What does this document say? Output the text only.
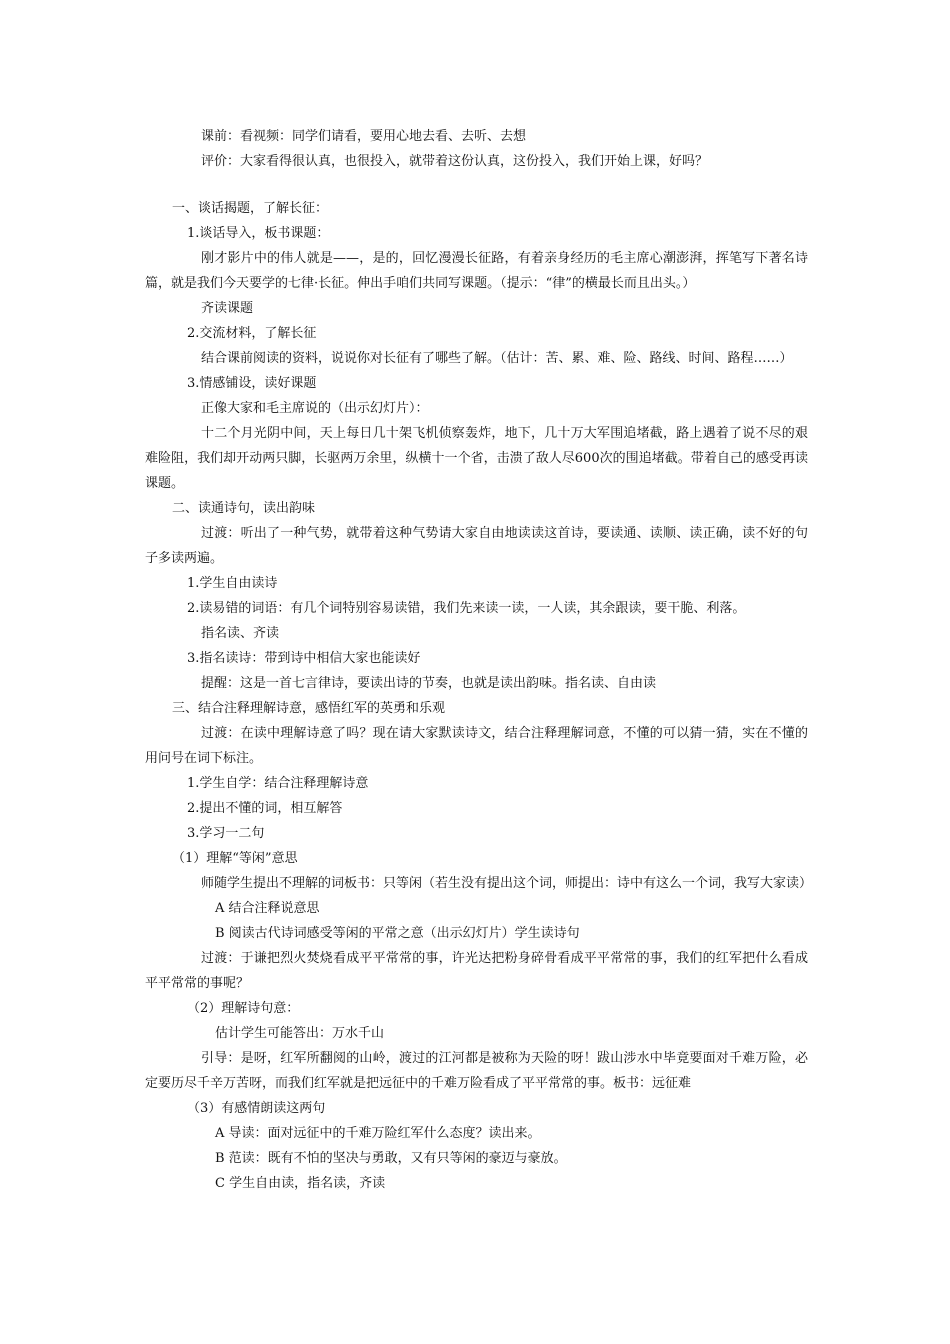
课前：看视频：同学们请看，要用心地去看、去听、去想

评价：大家看得很认真，也很投入，就带着这份认真，这份投入，我们开始上课，好吗？

一、谈话揭题，了解长征：

1.谈话导入，板书课题：

刚才影片中的伟人就是——，是的，回忆漫漫长征路，有着亲身经历的毛主席心潮澎湃，挥笔写下著名诗篇，就是我们今天要学的七律·长征。伸出手咱们共同写课题。（提示：“律”的横最长而且出头。）

齐读课题

2.交流材料，了解长征

结合课前阅读的资料，说说你对长征有了哪些了解。（估计：苦、累、难、险、路线、时间、路程……）

3.情感铺设，读好课题

正像大家和毛主席说的（出示幻灯片）：

十二个月光阴中间，天上每日几十架飞机侦察轰炸，地下，几十万大军围追堵截，路上遇着了说不尽的艰难险阻，我们却开动两只脚，长驱两万余里，纵横十一个省，击溃了敌人尽600次的围追堵截。带着自己的感受再读课题。

二、读通诗句，读出韵味

过渡：听出了一种气势，就带着这种气势请大家自由地读读这首诗，要读通、读顺、读正确，读不好的句子多读两遍。

1.学生自由读诗

2.读易错的词语：有几个词特别容易读错，我们先来读一读，一人读，其余跟读，要干脆、利落。

指名读、齐读

3.指名读诗：带到诗中相信大家也能读好

提醒：这是一首七言律诗，要读出诗的节奏，也就是读出韵味。指名读、自由读

三、结合注释理解诗意，感悟红军的英勇和乐观

过渡：在读中理解诗意了吗？现在请大家默读诗文，结合注释理解词意，不懂的可以猜一猜，实在不懂的用问号在词下标注。

1.学生自学：结合注释理解诗意

2.提出不懂的词，相互解答

3.学习一二句

（1）理解“等闲”意思

师随学生提出不理解的词板书：只等闲（若生没有提出这个词，师提出：诗中有这么一个词，我写大家读）

A 结合注释说意思

B 阅读古代诗词感受等闲的平常之意（出示幻灯片）学生读诗句

过渡：于谦把烈火焚烧看成平平常常的事，许光达把粉身碎骨看成平平常常的事，我们的红军把什么看成平平常常的事呢？

（2）理解诗句意：

估计学生可能答出：万水千山

引导：是呀，红军所翻阅的山岭，渡过的江河都是被称为天险的呀！跋山涉水中毕竟要面对千难万险，必定要历尽千辛万苦呀，而我们红军就是把远征中的千难万险看成了平平常常的事。板书：远征难

（3）有感情朗读这两句

A 导读：面对远征中的千难万险红军什么态度？读出来。

B 范读：既有不怕的坚决与勇敢，又有只等闲的豪迈与豪放。

C 学生自由读，指名读，齐读
